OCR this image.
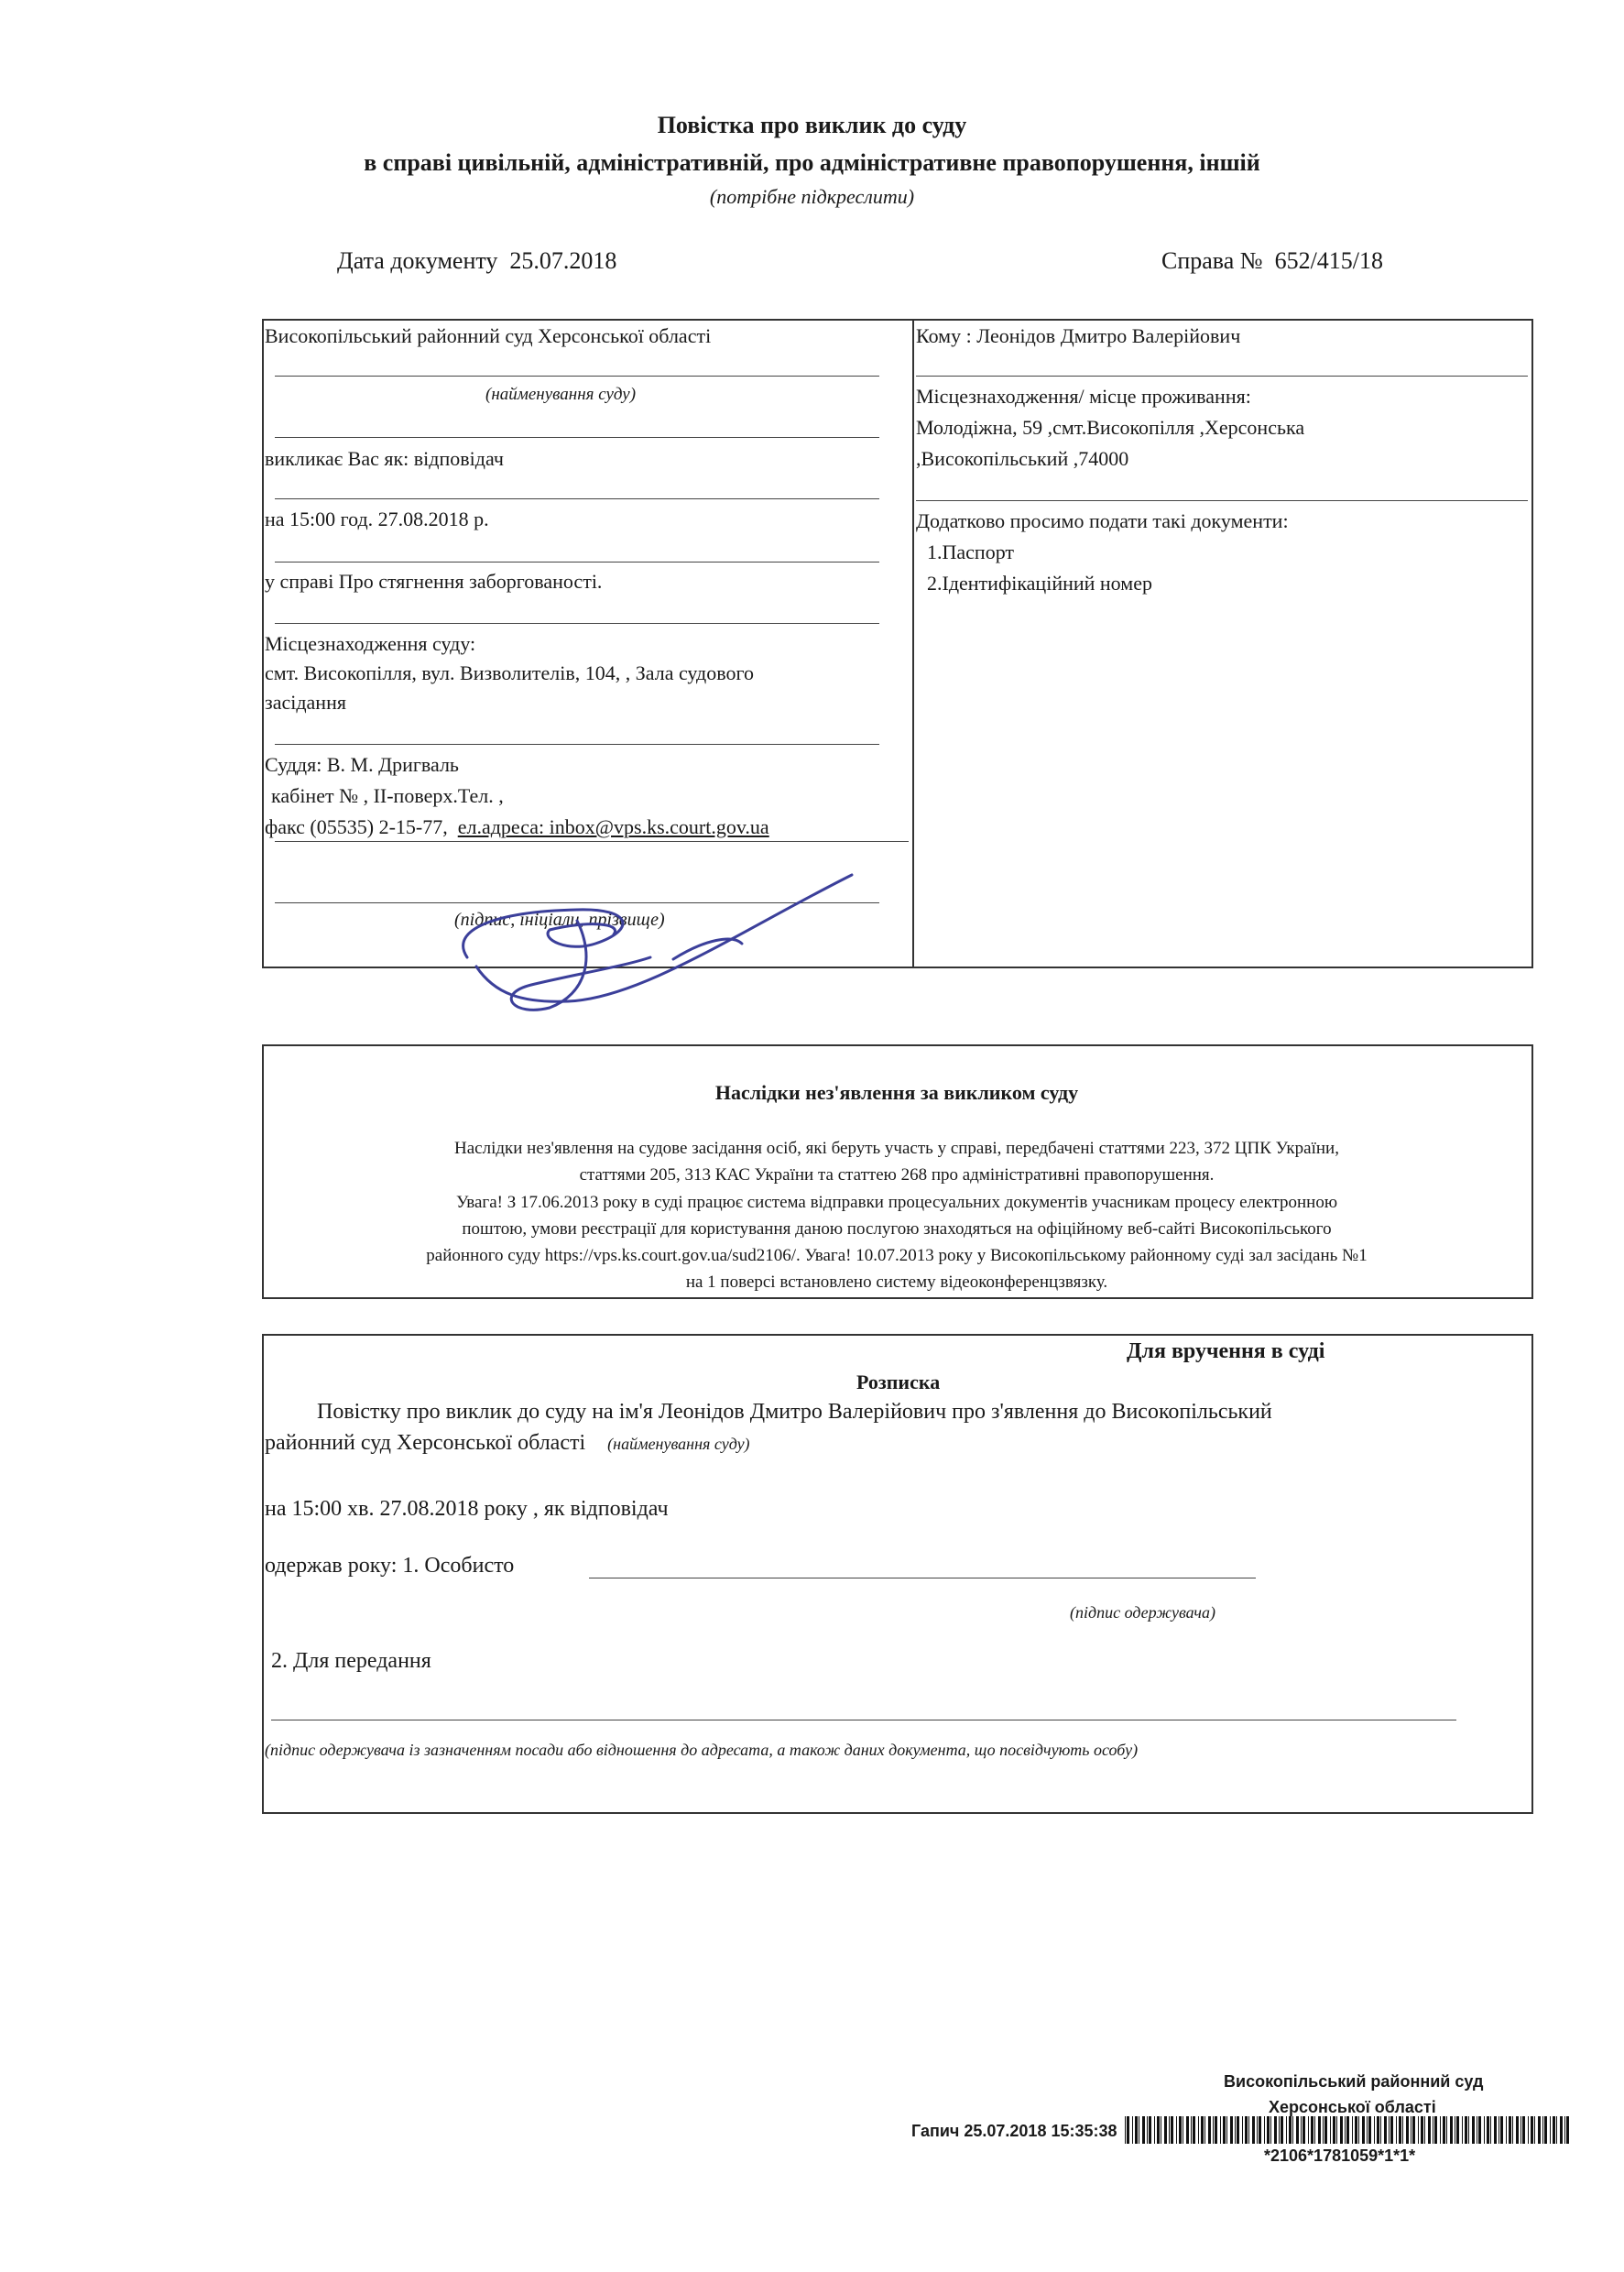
Повістка про виклик до суду
в справі цивільній, адміністративній, про адміністративне правопорушення, іншій
(потрібне підкреслити)
Дата документу 25.07.2018	Справа № 652/415/18
Високопільський районний суд Херсонської області
(найменування суду)
викликає Вас як: відповідач
на 15:00 год. 27.08.2018 р.
у справі Про стягнення заборгованості.
Місцезнаходження суду:
смт. Високопілля, вул. Визволителів, 104, , Зала судового
засідання
Суддя: В. М. Дригваль
кабінет № , ІІ-поверх.Тел. ,
факс (05535) 2-15-77, ел.адреса: inbox@vps.ks.court.gov.ua
(підпис, ініціали, прізвище)
Кому : Леонідов Дмитро Валерійович
Місцезнаходження/ місце проживання:
Молодіжна, 59 ,смт.Високопілля ,Херсонська
,Високопільський ,74000
Додатково просимо подати такі документи:
1.Паспорт
2.Ідентифікаційний номер
Наслідки нез'явлення за викликом суду
Наслідки нез'явлення на судове засідання осіб, які беруть участь у справі, передбачені статтями 223, 372 ЦПК України,
статтями 205, 313 КАС України та статтею 268 про адміністративні правопорушення.
Увага! З 17.06.2013 року в суді працює система відправки процесуальних документів учасникам процесу електронною
поштою, умови реєстрації для користування даною послугою знаходяться на офіційному веб-сайті Високопільського
районного суду https://vps.ks.court.gov.ua/sud2106/. Увага! 10.07.2013 року у Високопільському районному суді зал засідань №1
на 1 поверсі встановлено систему відеоконференцзвязку.
Для вручення в суді
Розписка
Повістку про виклик до суду на ім'я Леонідов Дмитро Валерійович про з'явлення до Високопільський
районний суд Херсонської області (найменування суду)
на 15:00 хв. 27.08.2018 року , як відповідач
одержав року: 1. Особисто
(підпис одержувача)
2. Для передання
(підпис одержувача із зазначенням посади або відношення до адресата, а також даних документа, що посвідчують особу)
Високопільський районний суд
Херсонської області
Гапич 25.07.2018 15:35:38
*2106*1781059*1*1*
